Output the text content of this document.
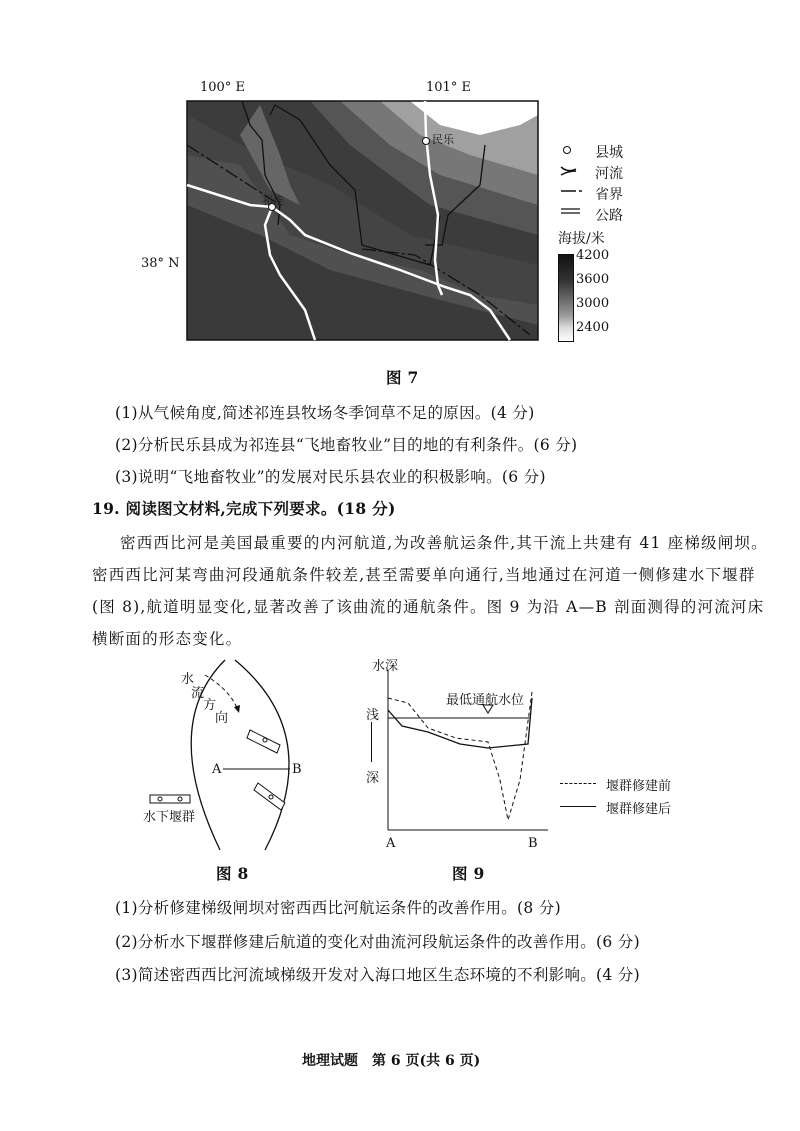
100° E	101° E
38° N
祁连
民乐
县城
河流
省界
公路
海拔/米
4200
3600
3000
2400
图 7
(1)从气候角度,简述祁连县牧场冬季饲草不足的原因。(4 分)
(2)分析民乐县成为祁连县“飞地畜牧业”目的地的有利条件。(6 分)
(3)说明“飞地畜牧业”的发展对民乐县农业的积极影响。(6 分)
19. 阅读图文材料,完成下列要求。(18 分)
密西西比河是美国最重要的内河航道,为改善航运条件,其干流上共建有 41 座梯级闸坝。
密西西比河某弯曲河段通航条件较差,甚至需要单向通行,当地通过在河道一侧修建水下堰群
(图 8),航道明显变化,显著改善了该曲流的通航条件。图 9 为沿 A—B 剖面测得的河流河床
横断面的形态变化。
水
流
方
向
A	B
水下堰群
图 8
水深
浅
深
最低通航水位
A	B
堰群修建前
堰群修建后
图 9
(1)分析修建梯级闸坝对密西西比河航运条件的改善作用。(8 分)
(2)分析水下堰群修建后航道的变化对曲流河段航运条件的改善作用。(6 分)
(3)简述密西西比河流域梯级开发对入海口地区生态环境的不利影响。(4 分)
地理试题　第 6 页(共 6 页)
